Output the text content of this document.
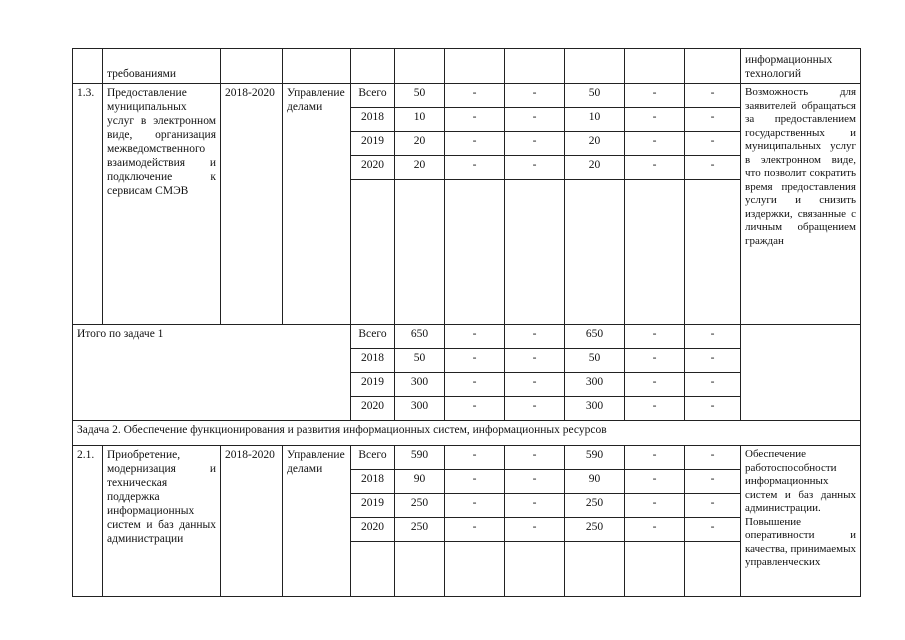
	требованиями										информационных технологий
1.3.	Предоставление муниципальных услуг в электронном виде, организация межведомственного взаимодействия и подключение к сервисам СМЭВ	2018-2020	Управление делами	Всего	50	-	-	50	-	-	Возможность для заявителей обращаться за предоставлением государственных и муниципальных услуг в электронном виде, что позволит сократить время предоставления услуги и снизить издержки, связанные с личным обращением граждан
				2018	10	-	-	10	-	-	
				2019	20	-	-	20	-	-	
				2020	20	-	-	20	-	-	

Итого по задаче 1				Всего	650	-	-	650	-	-	
				2018	50	-	-	50	-	-	
				2019	300	-	-	300	-	-	
				2020	300	-	-	300	-	-	
Задача 2. Обеспечение функционирования и развития информационных систем, информационных ресурсов											
2.1.	Приобретение, модернизация и техническая поддержка информационных систем и баз данных администрации	2018-2020	Управление делами	Всего	590	-	-	590	-	-	Обеспечение работоспособности информационных систем и баз данных администрации. Повышение оперативности и качества, принимаемых управленческих
				2018	90	-	-	90	-	-	
				2019	250	-	-	250	-	-	
				2020	250	-	-	250	-	-	
